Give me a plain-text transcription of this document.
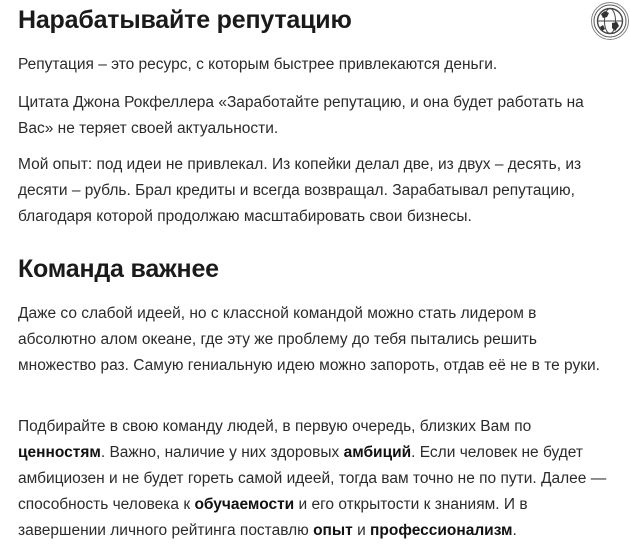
Нарабатывайте репутацию

Репутация – это ресурс, с которым быстрее привлекаются деньги.

Цитата Джона Рокфеллера «Заработайте репутацию, и она будет работать на Вас» не теряет своей актуальности.

Мой опыт: под идеи не привлекал. Из копейки делал две, из двух – десять, из десяти – рубль. Брал кредиты и всегда возвращал. Зарабатывал репутацию, благодаря которой продолжаю масштабировать свои бизнесы.

Команда важнее

Даже со слабой идеей, но с классной командой можно стать лидером в абсолютно алом океане, где эту же проблему до тебя пытались решить множество раз. Самую гениальную идею можно запороть, отдав её не в те руки.

Подбирайте в свою команду людей, в первую очередь, близких Вам по ценностям. Важно, наличие у них здоровых амбиций. Если человек не будет амбициозен и не будет гореть самой идеей, тогда вам точно не по пути. Далее — способность человека к обучаемости и его открытости к знаниям. И в завершении личного рейтинга поставлю опыт и профессионализм.
